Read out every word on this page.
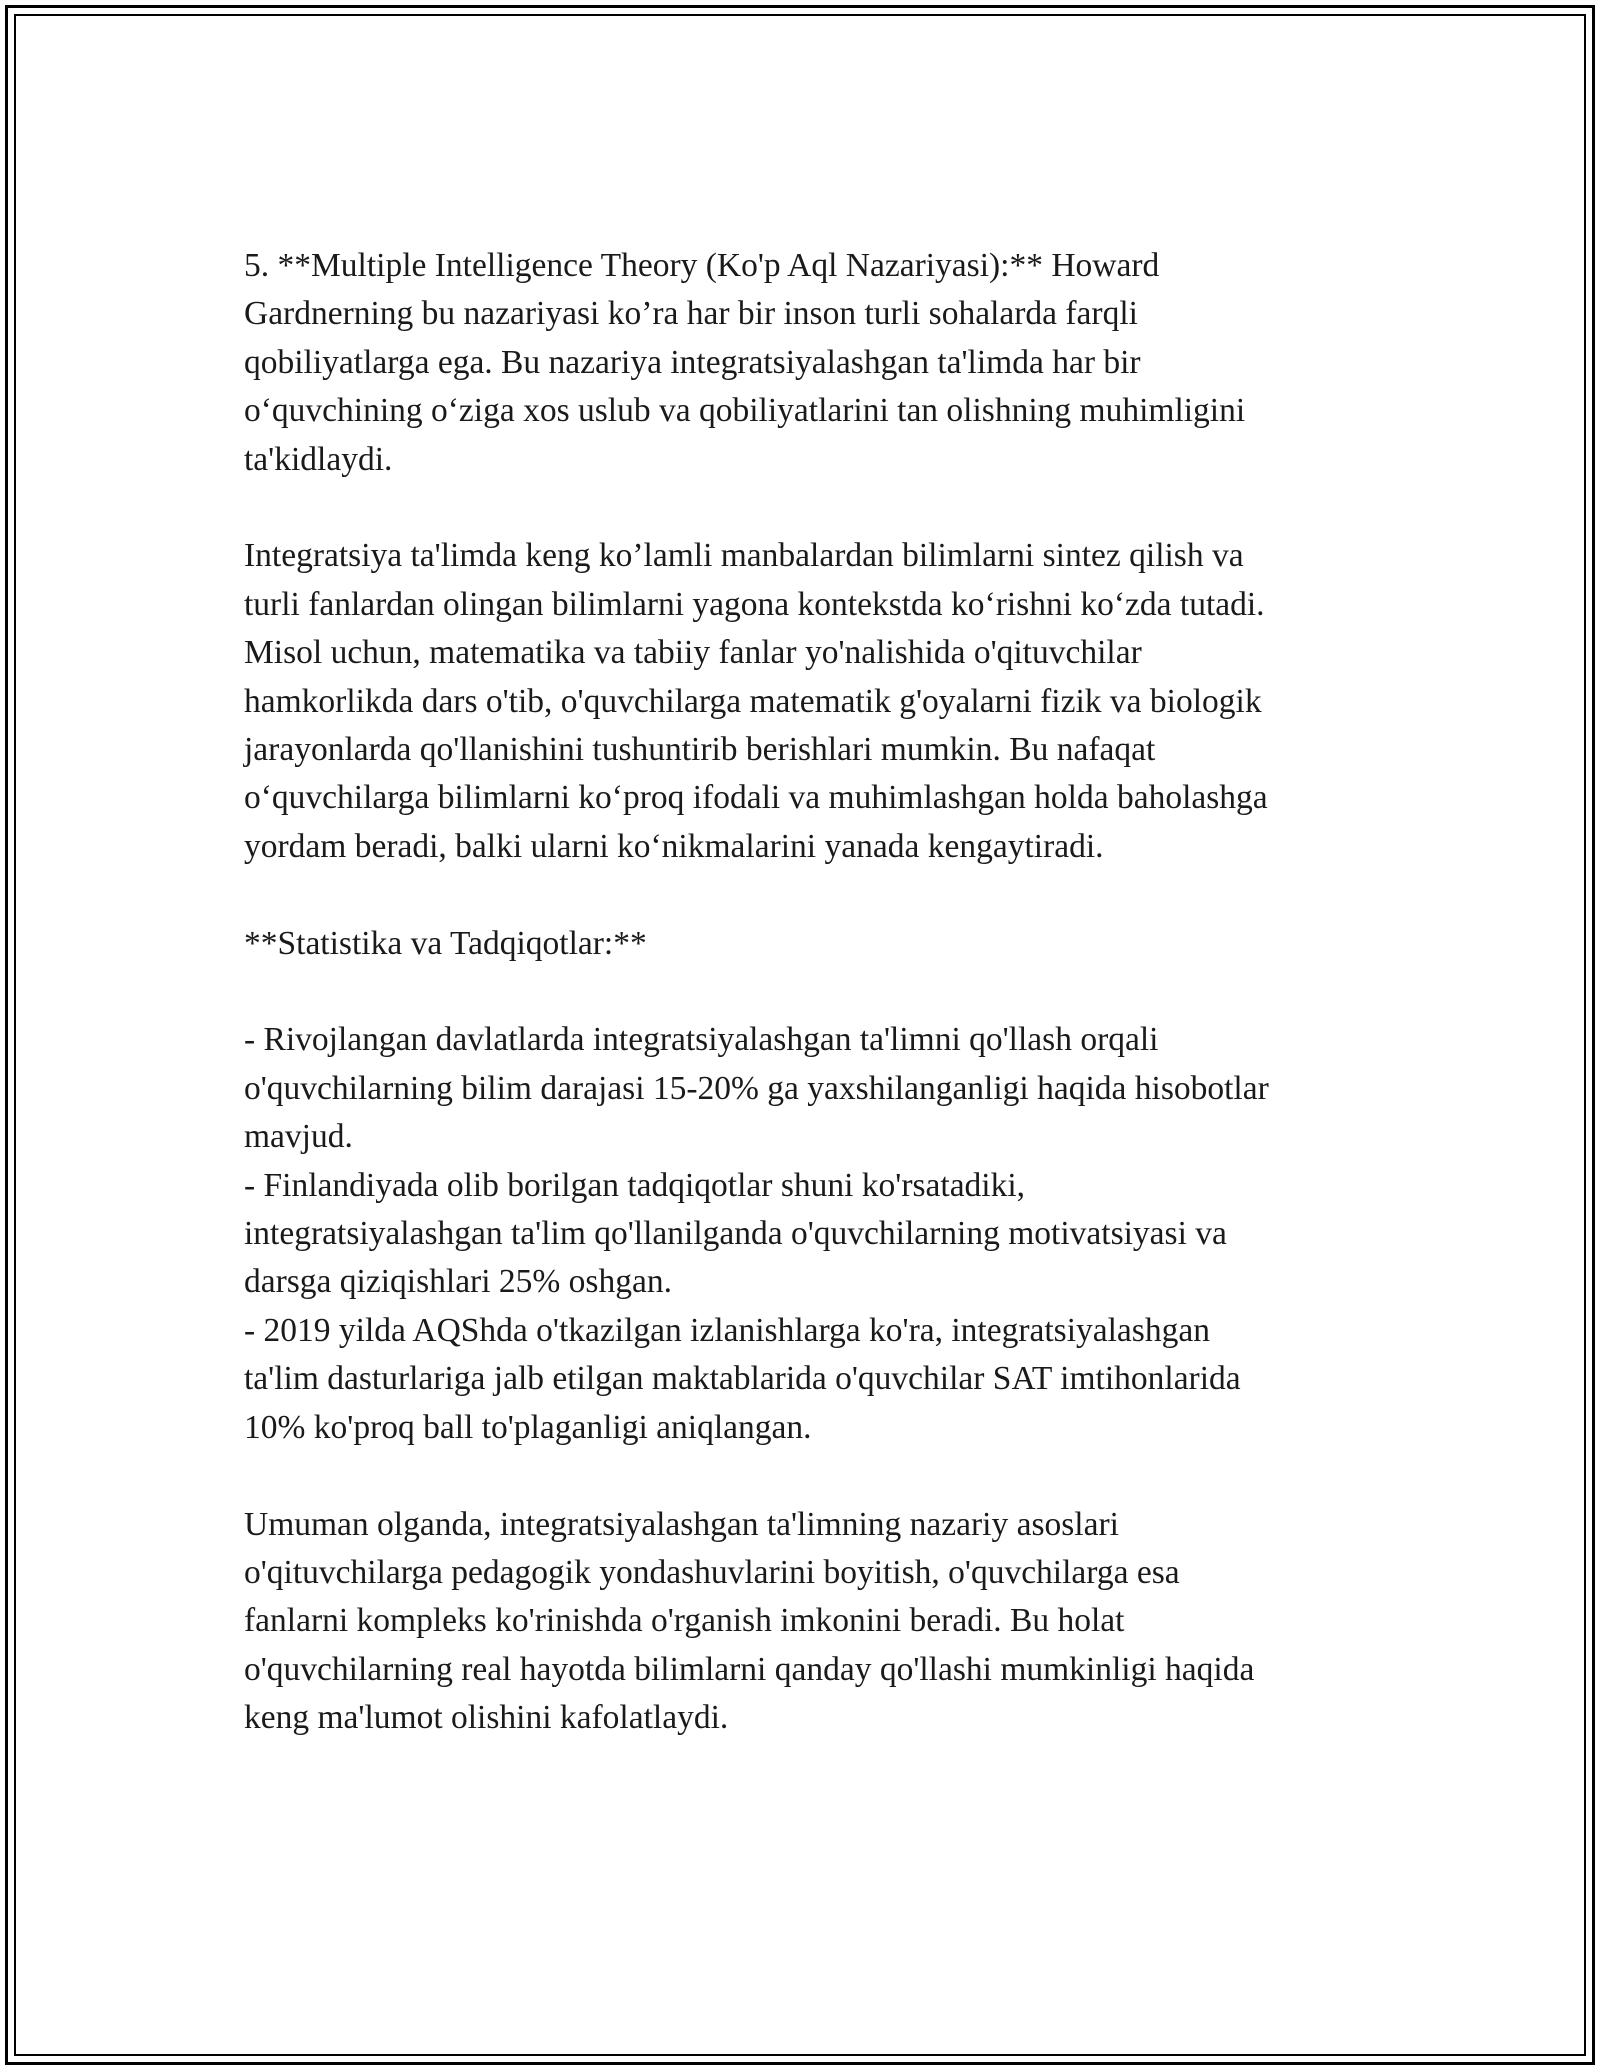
5. **Multiple Intelligence Theory (Ko'p Aql Nazariyasi):** Howard
Gardnerning bu nazariyasi ko’ra har bir inson turli sohalarda farqli
qobiliyatlarga ega. Bu nazariya integratsiyalashgan ta'limda har bir
o‘quvchining o‘ziga xos uslub va qobiliyatlarini tan olishning muhimligini
ta'kidlaydi.

Integratsiya ta'limda keng ko’lamli manbalardan bilimlarni sintez qilish va
turli fanlardan olingan bilimlarni yagona kontekstda ko‘rishni ko‘zda tutadi.
Misol uchun, matematika va tabiiy fanlar yo'nalishida o'qituvchilar
hamkorlikda dars o'tib, o'quvchilarga matematik g'oyalarni fizik va biologik
jarayonlarda qo'llanishini tushuntirib berishlari mumkin. Bu nafaqat
o‘quvchilarga bilimlarni ko‘proq ifodali va muhimlashgan holda baholashga
yordam beradi, balki ularni ko‘nikmalarini yanada kengaytiradi.

**Statistika va Tadqiqotlar:**

- Rivojlangan davlatlarda integratsiyalashgan ta'limni qo'llash orqali
o'quvchilarning bilim darajasi 15-20% ga yaxshilanganligi haqida hisobotlar
mavjud.
- Finlandiyada olib borilgan tadqiqotlar shuni ko'rsatadiki,
integratsiyalashgan ta'lim qo'llanilganda o'quvchilarning motivatsiyasi va
darsga qiziqishlari 25% oshgan.
- 2019 yilda AQShda o'tkazilgan izlanishlarga ko'ra, integratsiyalashgan
ta'lim dasturlariga jalb etilgan maktablarida o'quvchilar SAT imtihonlarida
10% ko'proq ball to'plaganligi aniqlangan.

Umuman olganda, integratsiyalashgan ta'limning nazariy asoslari
o'qituvchilarga pedagogik yondashuvlarini boyitish, o'quvchilarga esa
fanlarni kompleks ko'rinishda o'rganish imkonini beradi. Bu holat
o'quvchilarning real hayotda bilimlarni qanday qo'llashi mumkinligi haqida
keng ma'lumot olishini kafolatlaydi.
